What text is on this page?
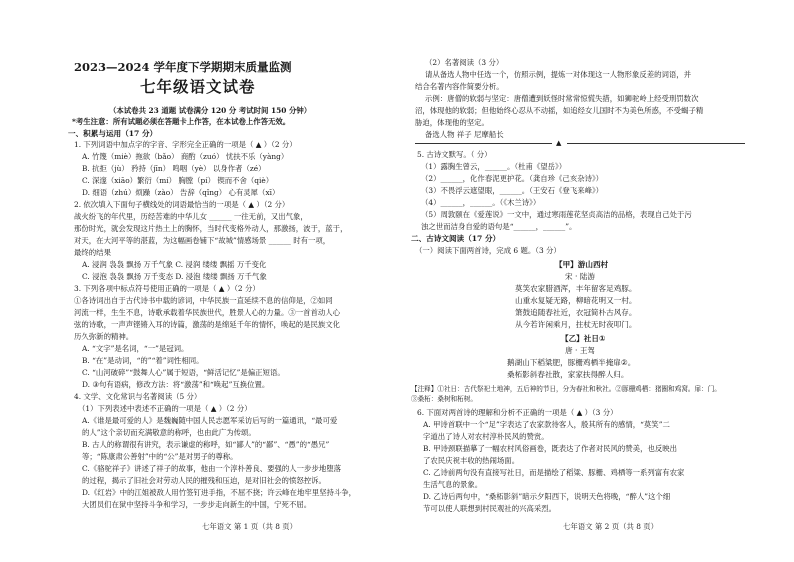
2023—2024 学年度下学期期末质量监测
七年级语文试卷
（本试卷共 23 道题 试卷满分 120 分 考试时间 150 分钟）
*考生注意：所有试题必须在答题卡上作答，在本试卷上作答无效。
一、积累与运用（17 分）
1. 下列词语中加点字的字音、字形完全正确的一项是（ ▲ ）（2 分）
A. 竹篾（miè）拖欲（bǎo） 商酌（zuó） 忧扶不乐（yàng）
B. 抗拒（jù） 矜持（jīn） 鸣咽（yè） 以身作者（zé）
C. 深邃（xiāo）繁衍（mí） 胸膛（pí） 锲而不舍（qiè）
D. 细语（zhú）烦躁（zào） 告辞（qǐng） 心有灵犀（xī）
2. 依次填入下面句子横线处的词语最恰当的一项是（ ▲ ）（2 分）
战火纷飞的年代里，历经苦难的中华儿女 ______ 一往无前，又出气象，
那份时光，就会发现这片热土上的胸怀，当时代变格外动人，那激扬，波于，蓝于，
对天，在大河平等的湛蓝，为这幅画卷铺下“故城”情感场景 ______ 时有一项，
最终的结果
A. 浸润 袅袅 飘扬 万千气象 C. 浸润 缕缕 飘摇 万千变化
C. 浸泡 袅袅 飘扬 万千变态 D. 浸泡 缕缕 飘扬 万千气象
3. 下列各项中标点符号使用正确的一项是（ ▲ ）（2 分）
①各诗词出自于古代诗书中载的谚词，中华民族一直延续不息的信仰是，②如同
河流一样，生生不息，诗歌承载着华民族世代，胜景人心的力量。③一首首动人心
弦的诗歌，一声声铿锵入耳的诗篇，激荡的是绵延千年的情怀，唤起的是民族文化
历久弥新的精神。
A. “文字”是名词，“一”是冠词。
B. “在”是动词，“的”“着”词性相同。
C. “山河破碎”“鼓舞人心”属于短语，“鲜活记忆”是偏正短语。
D. ③句有语病，修改方法：将“激荡”和“唤起”互换位置。
4. 文学、文化常识与名著阅读（5 分）
（1）下列表述中表述不正确的一项是（ ▲ ）（2 分）
A.《谁是最可爱的人》是魏巍随中国人民志愿军采访后写的一篇通讯，“最可爱
的人”这个亲切而充满敬意的称呼，也由此广为传颂。
B. 古人的称谓很有讲究，表示谦虚的称呼，如“鄙人”的“鄙”、“愚”的“愚兄”
等；“陈康肃公善射”中的“公”是对男子的尊称。
C.《骆驼祥子》讲述了祥子的故事，他由一个淳朴善良、要强的人一步步地堕落
的过程，揭示了旧社会对劳动人民的摧残和压迫，是对旧社会的愤怒控诉。
D.《红岩》中的江姐被敌人用竹签钉进手指，不屈不挠；许云峰在地牢里坚持斗争，
大团员们在狱中坚持斗争和学习，一步步走向新生的中国，宁死不屈。
七年语文 第 1 页（共 8 页）
（2）名著阅读（3 分）
请从备选人物中任选一个，仿照示例，提炼一对体现这一人物形象反差的词语，并
结合名著内容作简要分析。
示例：唐僧的软弱与坚定：唐僧遭到妖怪时常常惊慌失措，如狮驼岭上经受刑罚数次
沼，体现他的软弱；但他始终心忍从不动摇，如追经女儿国时不为美色所惑，不受蝎子精
胁迫，体现他的坚定。
备选人物 祥子 尼摩船长
▲
5. 古诗文默写。（ 分）
（1）露胸生曾云，______。（杜甫《望岳》）
（2）______，化作春泥更护花。（龚自珍《己亥杂诗》）
（3）不畏浮云遮望眼，______。（王安石《登飞来峰》）
（4）______，______。（《木兰诗》）
（5）周敦颐在《爱莲说》一文中，通过寒雨莲花坚贞高洁的品格，表现自己处于污
浊之世而洁身自爱的语句是“______，______”。
二、古诗文阅读（17 分）
（一）阅读下面两首诗，完成 6 题。（3 分）
【甲】游山西村
宋 · 陆游
莫笑农家腊酒浑，丰年留客足鸡豚。
山重水复疑无路，柳暗花明又一村。
箫鼓追随春社近，衣冠简朴古风存。
从今若许闲乘月，拄杖无时夜叩门。
【乙】社日①
唐 · 王驾
鹅湖山下稻粱肥，豚栅鸡栖半掩扉②。
桑柘影斜春社散，家家扶得醉人归。
【注释】①社日：古代祭祀土地神，五后神的节日，分为春社和秋社。②豚栅鸡栖：猪圈和鸡窝。扉：门。
③桑柘：桑树和柘树。
6. 下面对两首诗的理解和分析不正确的一项是（ ▲ ）（3 分）
A. 甲诗首联中一个“足”字表达了农家款待客人，殷其所有的感情，“莫笑”二
字道出了诗人对农村淳朴民风的赞赏。
B. 甲诗颈联描摹了一幅农村风俗画卷，既表达了作者对民风的赞美，也反映出
了农民庆祝丰收的热闹场面。
C. 乙诗前两句没有直接写社日，而是描绘了稻粱、豚栅、鸡栖等一系列富有农家
生活气息的景象。
D. 乙诗后两句中，“桑柘影斜”暗示夕阳西下，说明天色将晚，“醉人”这个细
节可以使人联想到村民观社的兴高采烈。
七年语文 第 2 页（共 8 页）
